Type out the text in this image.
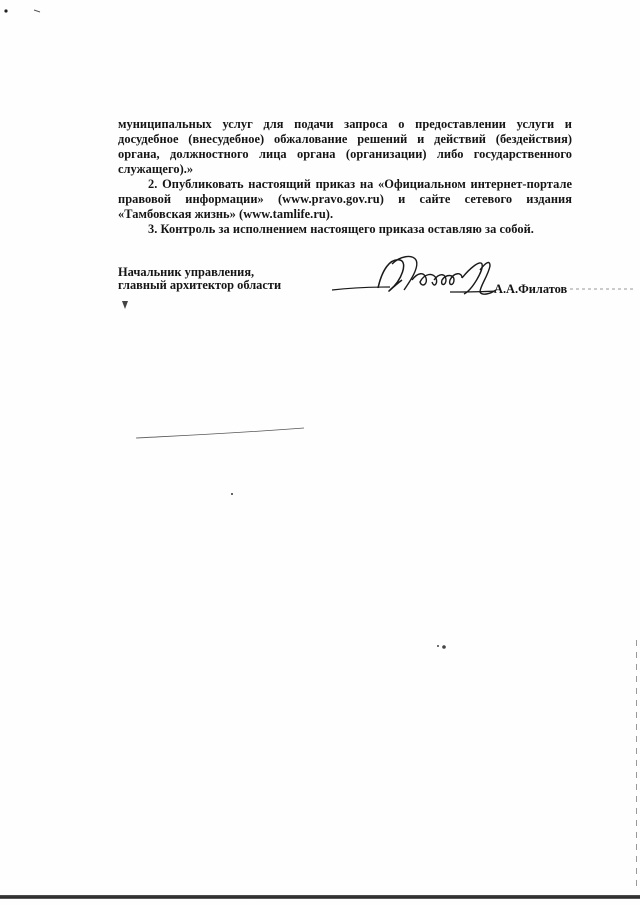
муниципальных услуг для подачи запроса о предоставлении услуги и досудебное (внесудебное) обжалование решений и действий (бездействия) органа, должностного лица органа (организации) либо государственного служащего).»

2. Опубликовать настоящий приказ на «Официальном интернет-портале правовой информации» (www.pravo.gov.ru) и сайте сетевого издания «Тамбовская жизнь» (www.tamlife.ru).

3. Контроль за исполнением настоящего приказа оставляю за собой.

Начальник управления,
главный архитектор области	А.А.Филатов
